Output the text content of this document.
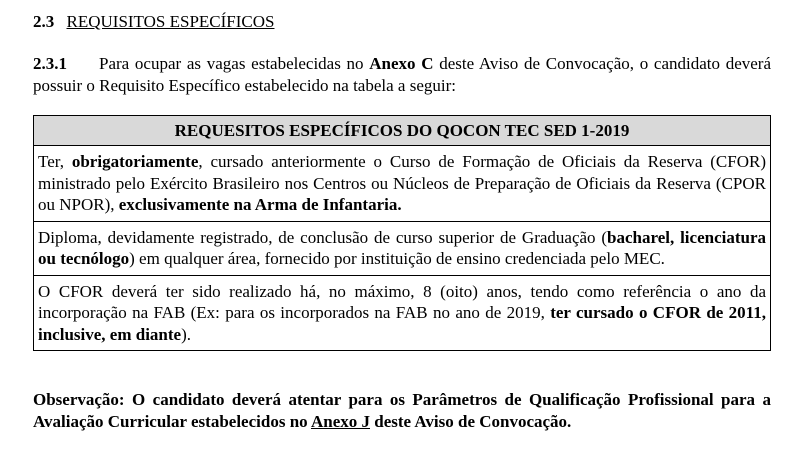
2.3 REQUISITOS ESPECÍFICOS
2.3.1 Para ocupar as vagas estabelecidas no Anexo C deste Aviso de Convocação, o candidato deverá possuir o Requisito Específico estabelecido na tabela a seguir:
REQUESITOS ESPECÍFICOS DO QOCON TEC SED 1-2019
Ter, obrigatoriamente, cursado anteriormente o Curso de Formação de Oficiais da Reserva (CFOR) ministrado pelo Exército Brasileiro nos Centros ou Núcleos de Preparação de Oficiais da Reserva (CPOR ou NPOR), exclusivamente na Arma de Infantaria.
Diploma, devidamente registrado, de conclusão de curso superior de Graduação (bacharel, licenciatura ou tecnólogo) em qualquer área, fornecido por instituição de ensino credenciada pelo MEC.
O CFOR deverá ter sido realizado há, no máximo, 8 (oito) anos, tendo como referência o ano da incorporação na FAB (Ex: para os incorporados na FAB no ano de 2019, ter cursado o CFOR de 2011, inclusive, em diante).
Observação: O candidato deverá atentar para os Parâmetros de Qualificação Profissional para a Avaliação Curricular estabelecidos no Anexo J deste Aviso de Convocação.
